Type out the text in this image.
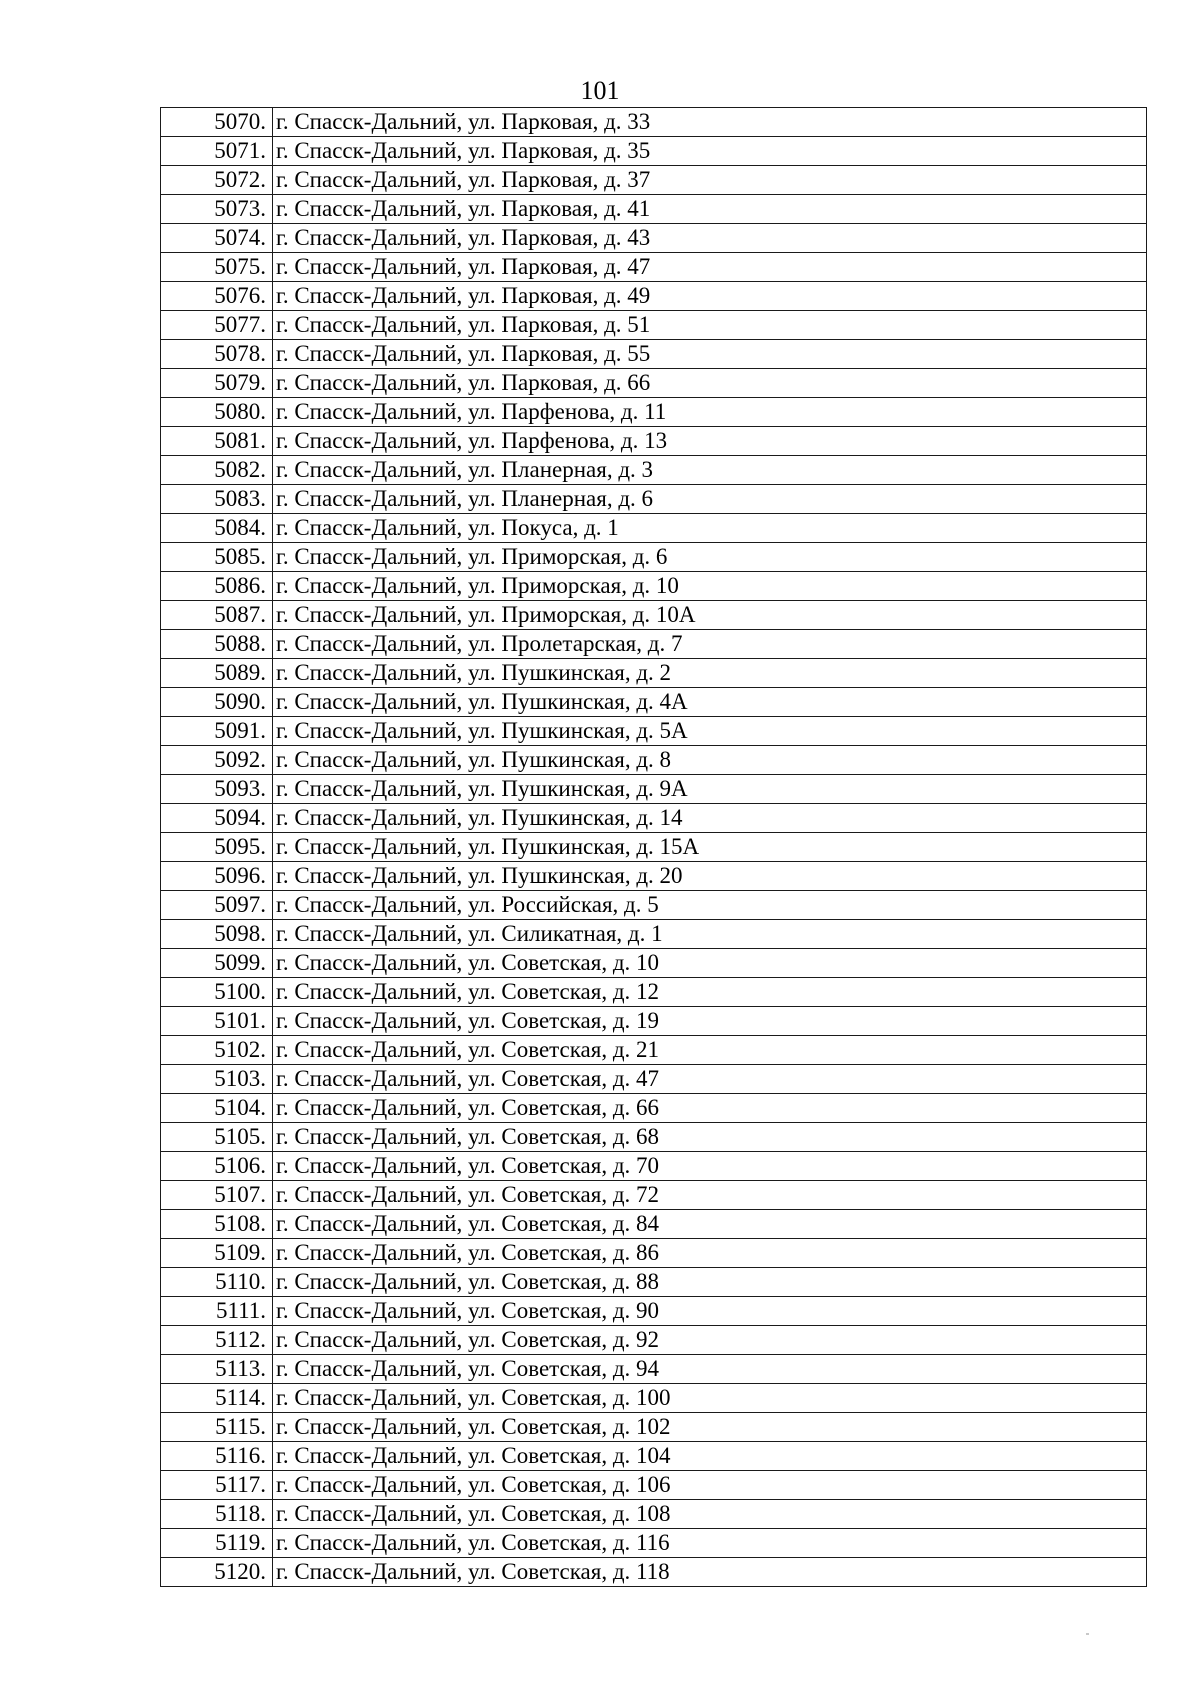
101
5070.	г. Спасск-Дальний, ул. Парковая, д. 33
5071.	г. Спасск-Дальний, ул. Парковая, д. 35
5072.	г. Спасск-Дальний, ул. Парковая, д. 37
5073.	г. Спасск-Дальний, ул. Парковая, д. 41
5074.	г. Спасск-Дальний, ул. Парковая, д. 43
5075.	г. Спасск-Дальний, ул. Парковая, д. 47
5076.	г. Спасск-Дальний, ул. Парковая, д. 49
5077.	г. Спасск-Дальний, ул. Парковая, д. 51
5078.	г. Спасск-Дальний, ул. Парковая, д. 55
5079.	г. Спасск-Дальний, ул. Парковая, д. 66
5080.	г. Спасск-Дальний, ул. Парфенова, д. 11
5081.	г. Спасск-Дальний, ул. Парфенова, д. 13
5082.	г. Спасск-Дальний, ул. Планерная, д. 3
5083.	г. Спасск-Дальний, ул. Планерная, д. 6
5084.	г. Спасск-Дальний, ул. Покуса, д. 1
5085.	г. Спасск-Дальний, ул. Приморская, д. 6
5086.	г. Спасск-Дальний, ул. Приморская, д. 10
5087.	г. Спасск-Дальний, ул. Приморская, д. 10А
5088.	г. Спасск-Дальний, ул. Пролетарская, д. 7
5089.	г. Спасск-Дальний, ул. Пушкинская, д. 2
5090.	г. Спасск-Дальний, ул. Пушкинская, д. 4А
5091.	г. Спасск-Дальний, ул. Пушкинская, д. 5А
5092.	г. Спасск-Дальний, ул. Пушкинская, д. 8
5093.	г. Спасск-Дальний, ул. Пушкинская, д. 9А
5094.	г. Спасск-Дальний, ул. Пушкинская, д. 14
5095.	г. Спасск-Дальний, ул. Пушкинская, д. 15А
5096.	г. Спасск-Дальний, ул. Пушкинская, д. 20
5097.	г. Спасск-Дальний, ул. Российская, д. 5
5098.	г. Спасск-Дальний, ул. Силикатная, д. 1
5099.	г. Спасск-Дальний, ул. Советская, д. 10
5100.	г. Спасск-Дальний, ул. Советская, д. 12
5101.	г. Спасск-Дальний, ул. Советская, д. 19
5102.	г. Спасск-Дальний, ул. Советская, д. 21
5103.	г. Спасск-Дальний, ул. Советская, д. 47
5104.	г. Спасск-Дальний, ул. Советская, д. 66
5105.	г. Спасск-Дальний, ул. Советская, д. 68
5106.	г. Спасск-Дальний, ул. Советская, д. 70
5107.	г. Спасск-Дальний, ул. Советская, д. 72
5108.	г. Спасск-Дальний, ул. Советская, д. 84
5109.	г. Спасск-Дальний, ул. Советская, д. 86
5110.	г. Спасск-Дальний, ул. Советская, д. 88
5111.	г. Спасск-Дальний, ул. Советская, д. 90
5112.	г. Спасск-Дальний, ул. Советская, д. 92
5113.	г. Спасск-Дальний, ул. Советская, д. 94
5114.	г. Спасск-Дальний, ул. Советская, д. 100
5115.	г. Спасск-Дальний, ул. Советская, д. 102
5116.	г. Спасск-Дальний, ул. Советская, д. 104
5117.	г. Спасск-Дальний, ул. Советская, д. 106
5118.	г. Спасск-Дальний, ул. Советская, д. 108
5119.	г. Спасск-Дальний, ул. Советская, д. 116
5120.	г. Спасск-Дальний, ул. Советская, д. 118
